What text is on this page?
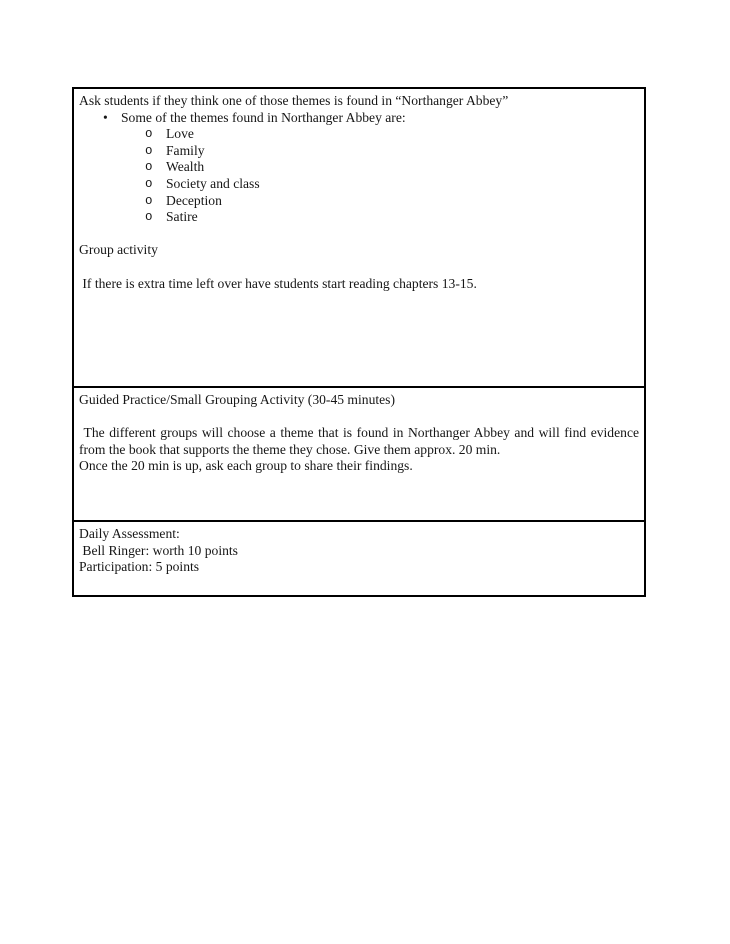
Ask students if they think one of those themes is found in “Northanger Abbey”

• Some of the themes found in Northanger Abbey are:
o Love
o Family
o Wealth
o Society and class
o Deception
o Satire

Group activity

If there is extra time left over have students start reading chapters 13-15.

Guided Practice/Small Grouping Activity (30-45 minutes)

The different groups will choose a theme that is found in Northanger Abbey and will find evidence from the book that supports the theme they chose. Give them approx. 20 min.

Once the 20 min is up, ask each group to share their findings.

Daily Assessment:

Bell Ringer: worth 10 points

Participation: 5 points
